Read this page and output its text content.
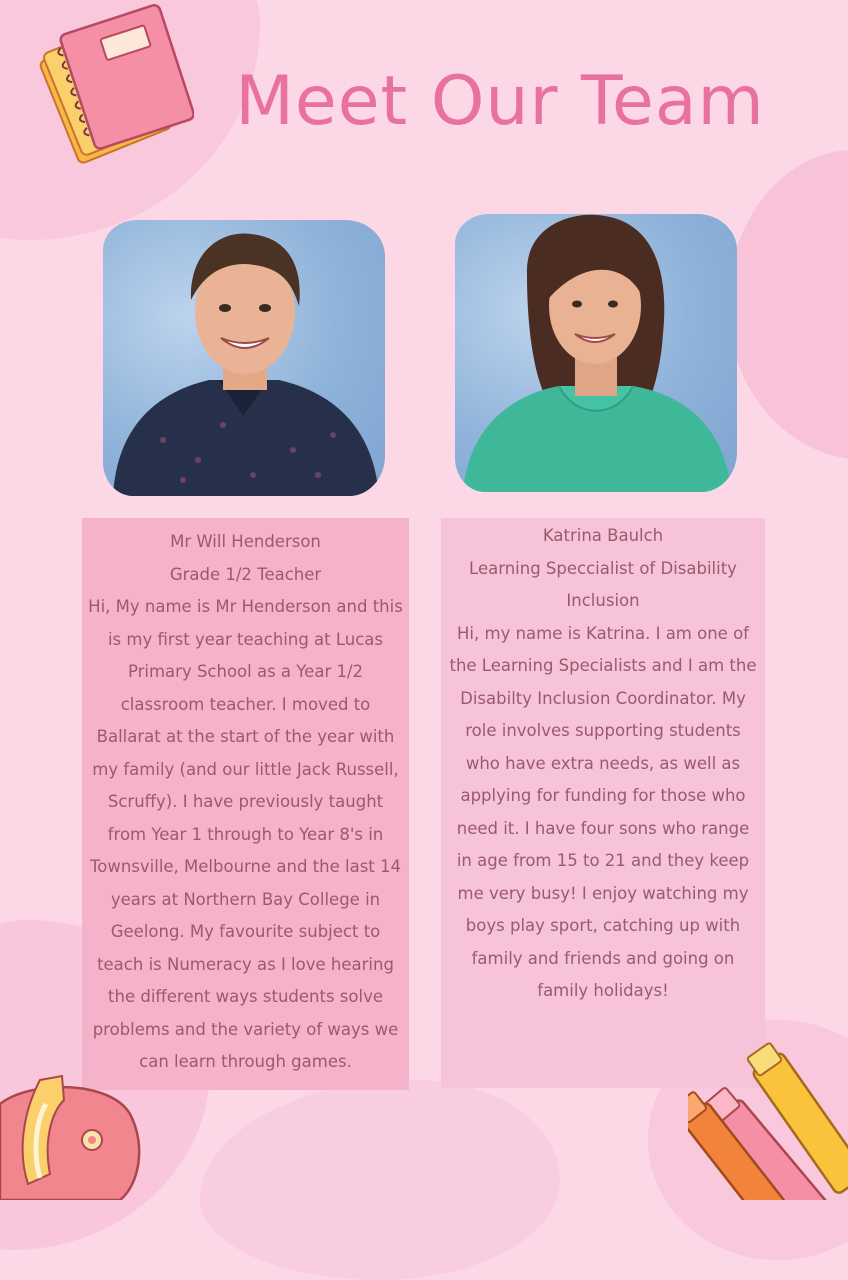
Meet Our Team
Mr Will Henderson
Grade 1/2 Teacher
Hi, My name is Mr Henderson and this is my first year teaching at Lucas Primary School as a Year 1/2 classroom teacher. I moved to Ballarat at the start of the year with my family (and our little Jack Russell, Scruffy). I have previously taught from Year 1 through to Year 8's in Townsville, Melbourne and the last 14 years at Northern Bay College in Geelong. My favourite subject to teach is Numeracy as I love hearing the different ways students solve problems and the variety of ways we can learn through games.
Katrina Baulch
Learning Speccialist of Disability Inclusion
Hi, my name is Katrina. I am one of the Learning Specialists and I am the Disabilty Inclusion Coordinator. My role involves supporting students who have extra needs, as well as applying for funding for those who need it. I have four sons who range in age from 15 to 21 and they keep me very busy! I enjoy watching my boys play sport, catching up with family and friends and going on family holidays!
